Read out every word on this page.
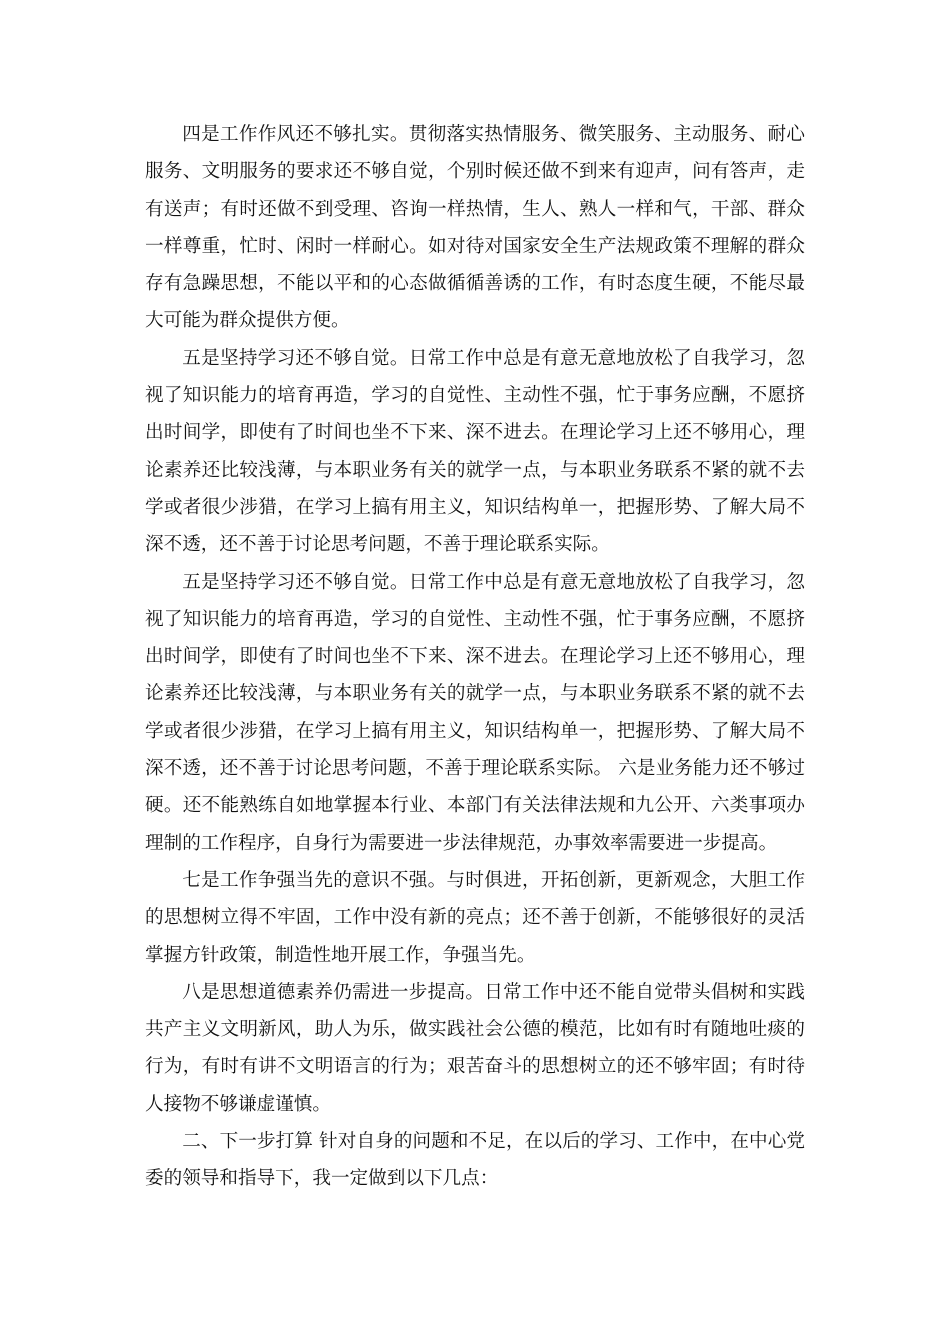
四是工作作风还不够扎实。贯彻落实热情服务、微笑服务、主动服务、耐心服务、文明服务的要求还不够自觉，个别时候还做不到来有迎声，问有答声，走有送声；有时还做不到受理、咨询一样热情，生人、熟人一样和气，干部、群众一样尊重，忙时、闲时一样耐心。如对待对国家安全生产法规政策不理解的群众存有急躁思想，不能以平和的心态做循循善诱的工作，有时态度生硬，不能尽最大可能为群众提供方便。

五是坚持学习还不够自觉。日常工作中总是有意无意地放松了自我学习，忽视了知识能力的培育再造，学习的自觉性、主动性不强，忙于事务应酬，不愿挤出时间学，即使有了时间也坐不下来、深不进去。在理论学习上还不够用心，理论素养还比较浅薄，与本职业务有关的就学一点，与本职业务联系不紧的就不去学或者很少涉猎，在学习上搞有用主义，知识结构单一，把握形势、了解大局不深不透，还不善于讨论思考问题，不善于理论联系实际。

五是坚持学习还不够自觉。日常工作中总是有意无意地放松了自我学习，忽视了知识能力的培育再造，学习的自觉性、主动性不强，忙于事务应酬，不愿挤出时间学，即使有了时间也坐不下来、深不进去。在理论学习上还不够用心，理论素养还比较浅薄，与本职业务有关的就学一点，与本职业务联系不紧的就不去学或者很少涉猎，在学习上搞有用主义，知识结构单一，把握形势、了解大局不深不透，还不善于讨论思考问题，不善于理论联系实际。 六是业务能力还不够过硬。还不能熟练自如地掌握本行业、本部门有关法律法规和九公开、六类事项办理制的工作程序，自身行为需要进一步法律规范，办事效率需要进一步提高。

七是工作争强当先的意识不强。与时俱进，开拓创新，更新观念，大胆工作的思想树立得不牢固，工作中没有新的亮点；还不善于创新，不能够很好的灵活掌握方针政策，制造性地开展工作，争强当先。

八是思想道德素养仍需进一步提高。日常工作中还不能自觉带头倡树和实践共产主义文明新风，助人为乐，做实践社会公德的模范，比如有时有随地吐痰的行为，有时有讲不文明语言的行为；艰苦奋斗的思想树立的还不够牢固；有时待人接物不够谦虚谨慎。

二、下一步打算 针对自身的问题和不足，在以后的学习、工作中，在中心党委的领导和指导下，我一定做到以下几点：
